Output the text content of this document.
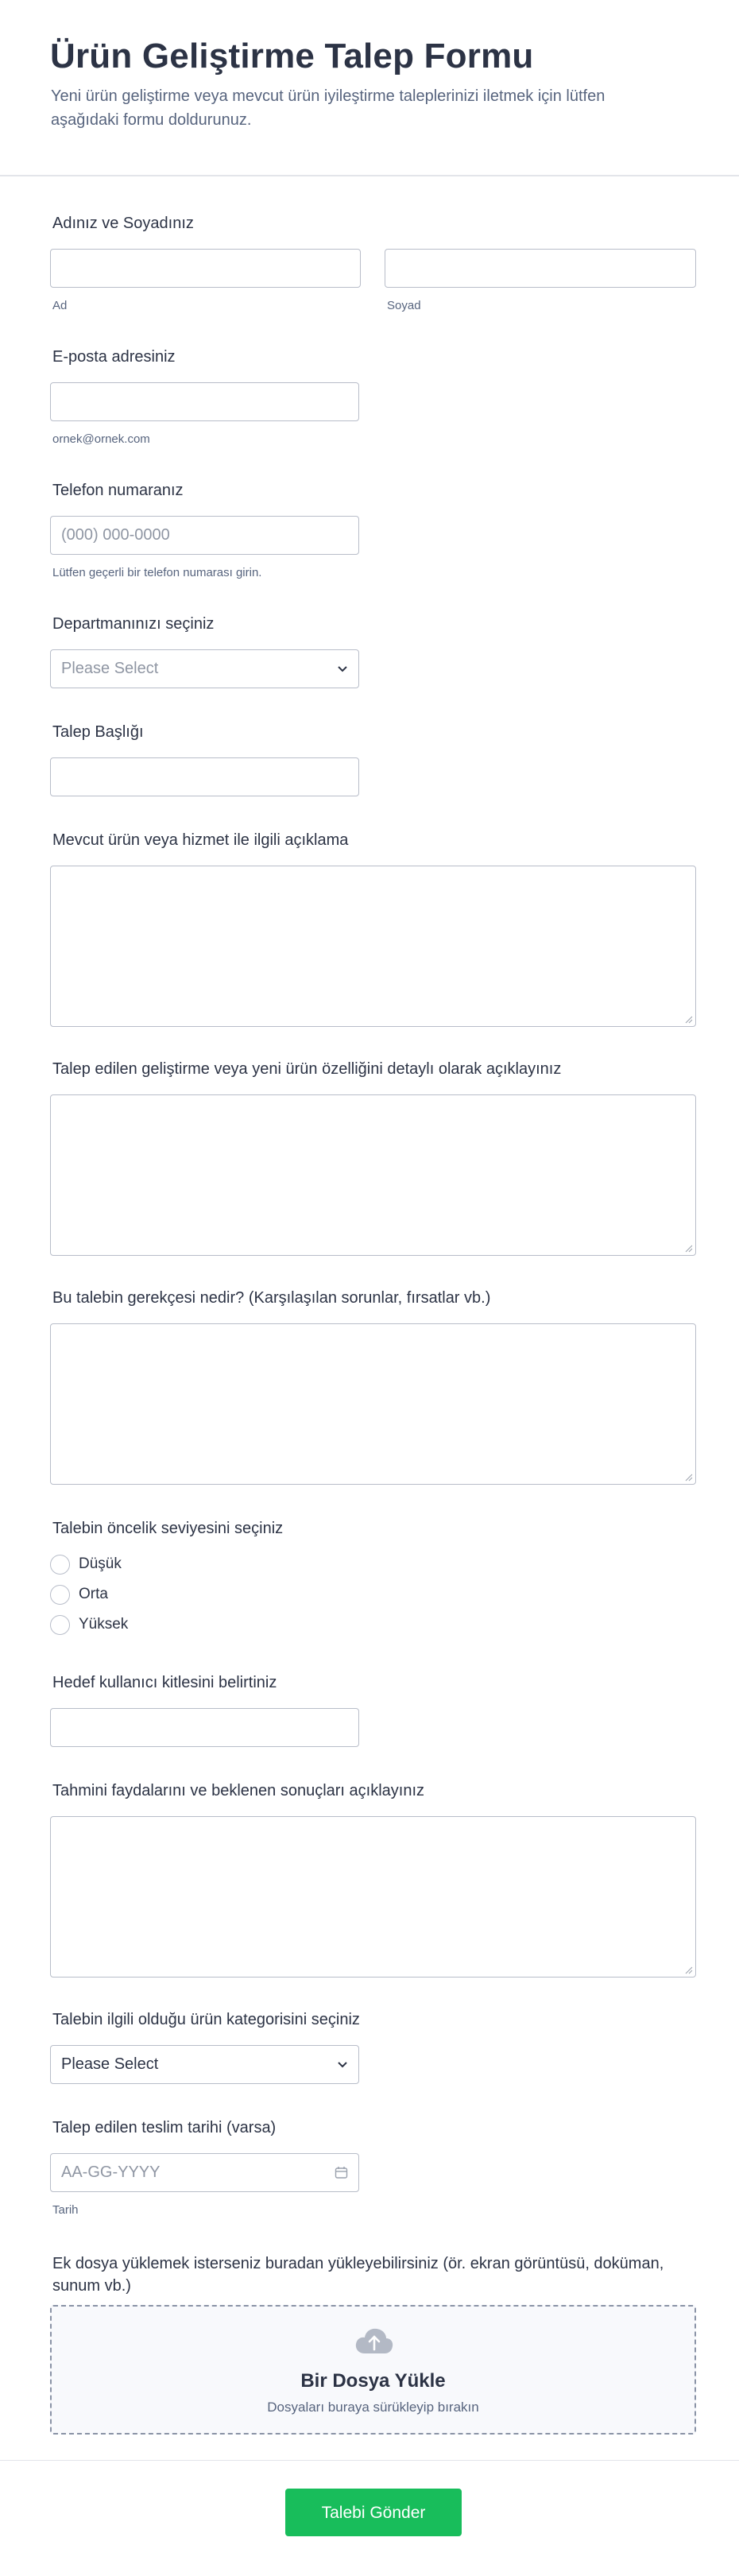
Ürün Geliştirme Talep Formu
Yeni ürün geliştirme veya mevcut ürün iyileştirme taleplerinizi iletmek için lütfen aşağıdaki formu doldurunuz.
Adınız ve Soyadınız
Ad	Soyad
E-posta adresiniz
ornek@ornek.com
Telefon numaranız
(000) 000-0000
Lütfen geçerli bir telefon numarası girin.
Departmanınızı seçiniz
Please Select
Talep Başlığı
Mevcut ürün veya hizmet ile ilgili açıklama
Talep edilen geliştirme veya yeni ürün özelliğini detaylı olarak açıklayınız
Bu talebin gerekçesi nedir? (Karşılaşılan sorunlar, fırsatlar vb.)
Talebin öncelik seviyesini seçiniz
Düşük
Orta
Yüksek
Hedef kullanıcı kitlesini belirtiniz
Tahmini faydalarını ve beklenen sonuçları açıklayınız
Talebin ilgili olduğu ürün kategorisini seçiniz
Please Select
Talep edilen teslim tarihi (varsa)
AA-GG-YYYY
Tarih
Ek dosya yüklemek isterseniz buradan yükleyebilirsiniz (ör. ekran görüntüsü, doküman, sunum vb.)
Bir Dosya Yükle
Dosyaları buraya sürükleyip bırakın
Talebi Gönder
